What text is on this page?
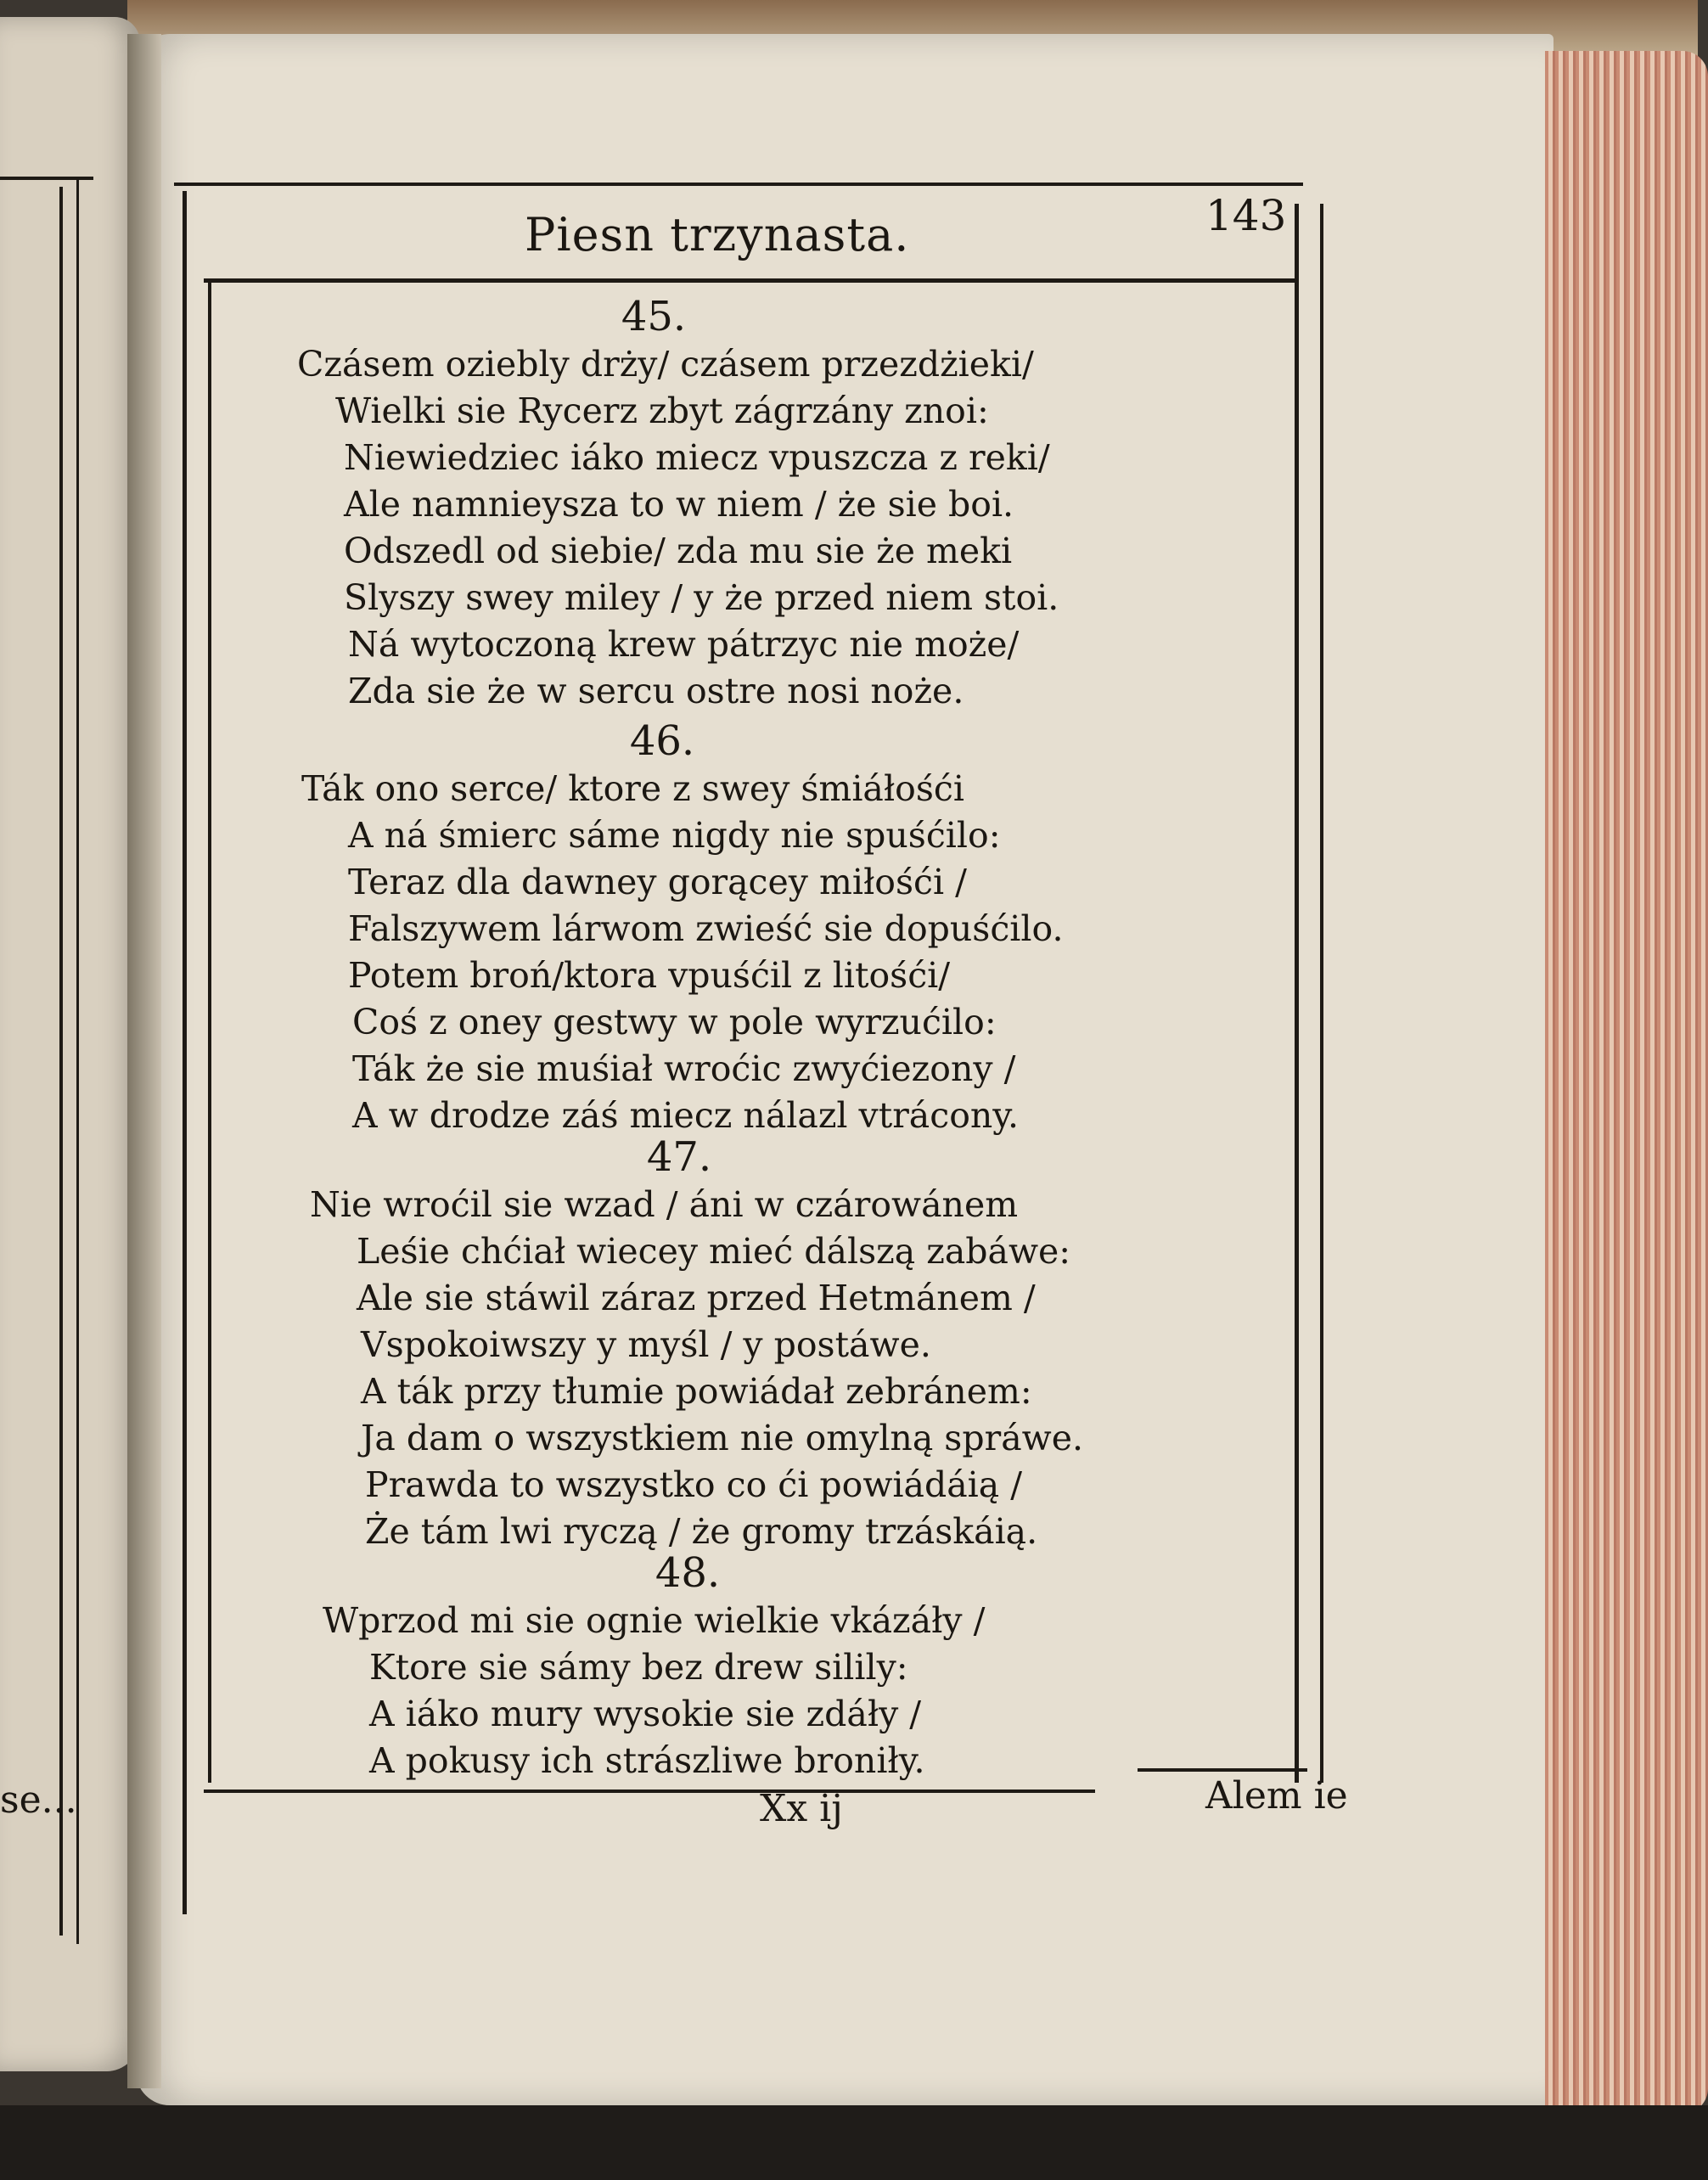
se...
Piesn trzynasta.	143
45.
Czásem oziebly drży/ czásem przezdżieki/
Wielki sie Rycerz zbyt zágrzány znoi:
Niewiedziec iáko miecz vpuszcza z reki/
Ale namnieysza to w niem / że sie boi.
Odszedl od siebie/ zda mu sie że meki
Slyszy swey miley / y że przed niem stoi.
Ná wytoczoną krew pátrzyc nie może/
Zda sie że w sercu ostre nosi noże.
46.
Ták ono serce/ ktore z swey śmiáłośći
A ná śmierc sáme nigdy nie spuśćilo:
Teraz dla dawney gorącey miłośći /
Falszywem lárwom zwieść sie dopuśćilo.
Potem broń/ktora vpuśćil z litośći/
Coś z oney gestwy w pole wyrzućilo:
Ták że sie muśiał wroćic zwyćiezony /
A w drodze záś miecz nálazl vtrácony.
47.
Nie wroćil sie wzad / áni w czárowánem
Leśie chćiał wiecey mieć dálszą zabáwe:
Ale sie stáwil záraz przed Hetmánem /
Vspokoiwszy y myśl / y postáwe.
A ták przy tłumie powiádał zebránem:
Ja dam o wszystkiem nie omylną spráwe.
Prawda to wszystko co ći powiádáią /
Że tám lwi ryczą / że gromy trzáskáią.
48.
Wprzod mi sie ognie wielkie vkázáły /
Ktore sie sámy bez drew silily:
A iáko mury wysokie sie zdáły /
A pokusy ich strászliwe broniły.
Xx ij	Alem ie
